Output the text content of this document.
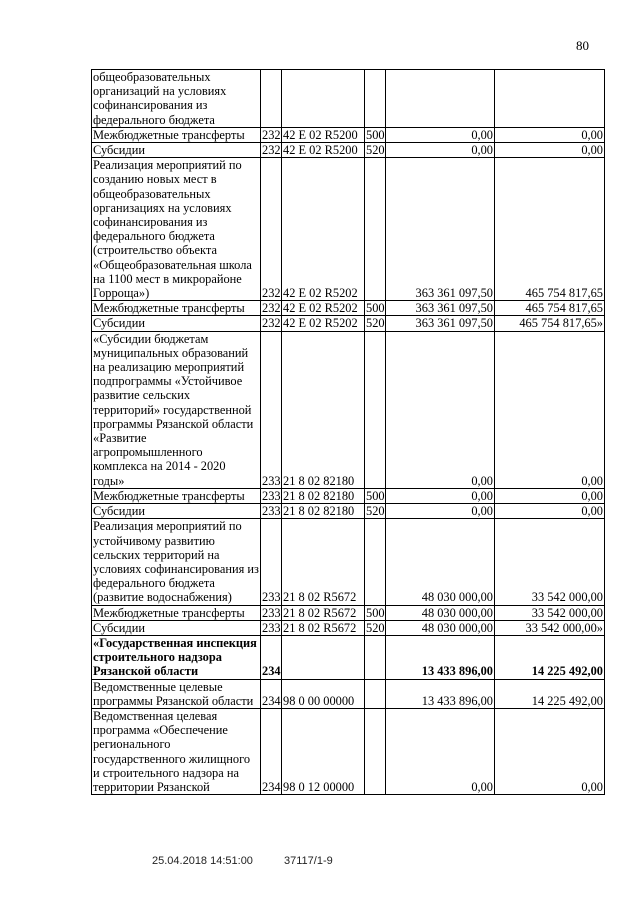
80
общеобразовательных организаций на условиях софинансирования из федерального бюджета					
Межбюджетные трансферты	232	42 Е 02 R5200	500	0,00	0,00
Субсидии	232	42 Е 02 R5200	520	0,00	0,00
Реализация мероприятий по созданию новых мест в общеобразовательных организациях на условиях софинансирования из федерального бюджета (строительство объекта «Общеобразовательная школа на 1100 мест в микрорайоне Горроща»)	232	42 Е 02 R5202		363 361 097,50	465 754 817,65
Межбюджетные трансферты	232	42 Е 02 R5202	500	363 361 097,50	465 754 817,65
Субсидии	232	42 Е 02 R5202	520	363 361 097,50	465 754 817,65»
«Субсидии бюджетам муниципальных образований на реализацию мероприятий подпрограммы «Устойчивое развитие сельских территорий» государственной программы Рязанской области «Развитие агропромышленного комплекса на 2014 - 2020 годы»	233	21 8 02 82180		0,00	0,00
Межбюджетные трансферты	233	21 8 02 82180	500	0,00	0,00
Субсидии	233	21 8 02 82180	520	0,00	0,00
Реализация мероприятий по устойчивому развитию сельских территорий на условиях софинансирования из федерального бюджета (развитие водоснабжения)	233	21 8 02 R5672		48 030 000,00	33 542 000,00
Межбюджетные трансферты	233	21 8 02 R5672	500	48 030 000,00	33 542 000,00
Субсидии	233	21 8 02 R5672	520	48 030 000,00	33 542 000,00»
«Государственная инспекция строительного надзора Рязанской области	234			13 433 896,00	14 225 492,00
Ведомственные целевые программы Рязанской области	234	98 0 00 00000		13 433 896,00	14 225 492,00
Ведомственная целевая программа «Обеспечение регионального государственного жилищного и строительного надзора на территории Рязанской	234	98 0 12 00000		0,00	0,00
25.04.2018 14:51:00	37117/1-9
